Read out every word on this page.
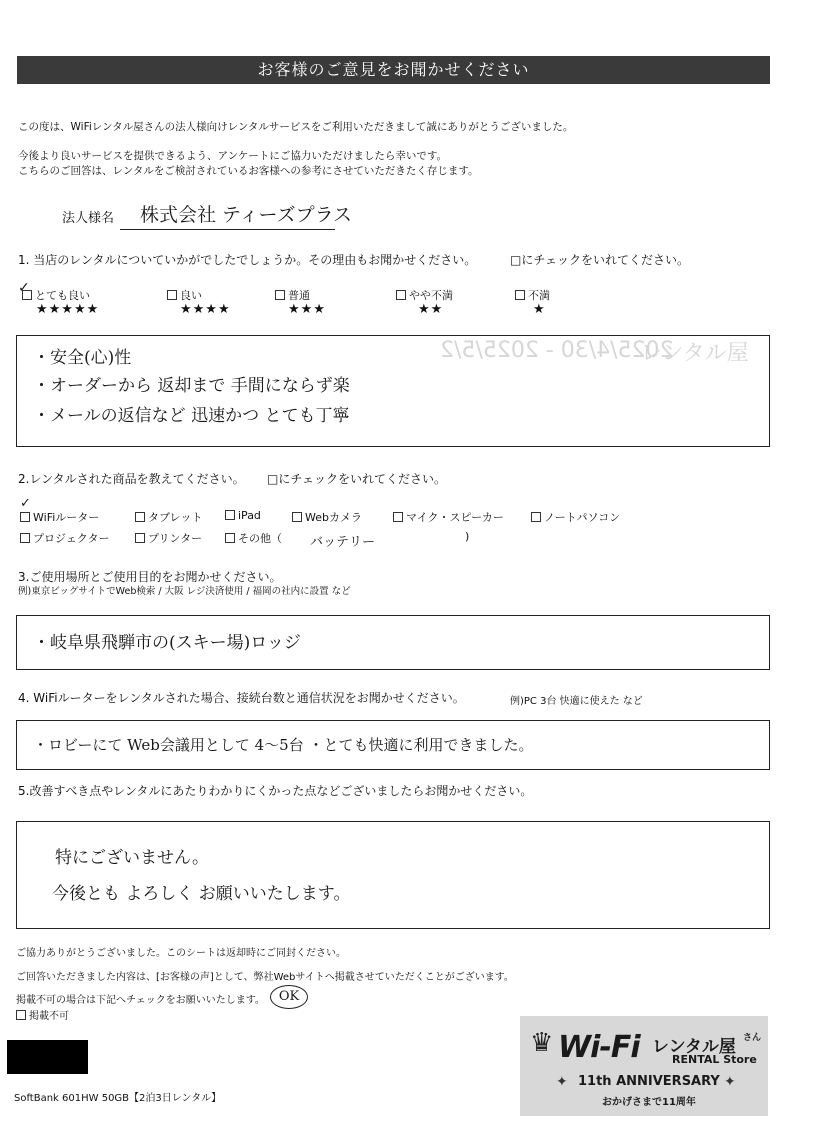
2025/4/30 - 2025/5/2
レンタル屋
お客様のご意見をお聞かせください
この度は、WiFiレンタル屋さんの法人様向けレンタルサービスをご利用いただきまして誠にありがとうございました。
今後より良いサービスを提供できるよう、アンケートにご協力いただけましたら幸いです。
こちらのご回答は、レンタルをご検討されているお客様への参考にさせていただきたく存じます。
法人様名 株式会社 ティーズプラス
1. 当店のレンタルについていかがでしたでしょうか。その理由もお聞かせください。	□にチェックをいれてください。
とても良い
✓
★★★★★
良い
★★★★
普通
★★★
やや不満
★★
不満
★
・安全(心)性
・オーダーから 返却まで 手間にならず楽
・メールの返信など 迅速かつ とても丁寧
2.レンタルされた商品を教えてください。 □にチェックをいれてください。
✓
WiFiルーター	タブレット	iPad	Webカメラ	マイク・スピーカー	ノートパソコン
プロジェクター	プリンター	その他（ バッテリー	)
3.ご使用場所とご使用目的をお聞かせください。
例)東京ビッグサイトでWeb検索 / 大阪 レジ決済使用 / 福岡の社内に設置 など
・岐阜県飛騨市の(スキー場)ロッジ
4. WiFiルーターをレンタルされた場合、接続台数と通信状況をお聞かせください。	例)PC 3台 快適に使えた など
・ロビーにて Web会議用として 4〜5台 ・とても快適に利用できました。
5.改善すべき点やレンタルにあたりわかりにくかった点などございましたらお聞かせください。
特にございません。
今後とも よろしく お願いいたします。
ご協力ありがとうございました。このシートは返却時にご同封ください。
ご回答いただきました内容は、[お客様の声]として、弊社Webサイトへ掲載させていただくことがございます。
掲載不可の場合は下記へチェックをお願いいたします。	OK
掲載不可
SoftBank 601HW 50GB【2泊3日レンタル】
♛ Wi-Fi レンタル屋 さん
RENTAL Store
11th ANNIVERSARY
おかげさまで11周年
✦	✦
